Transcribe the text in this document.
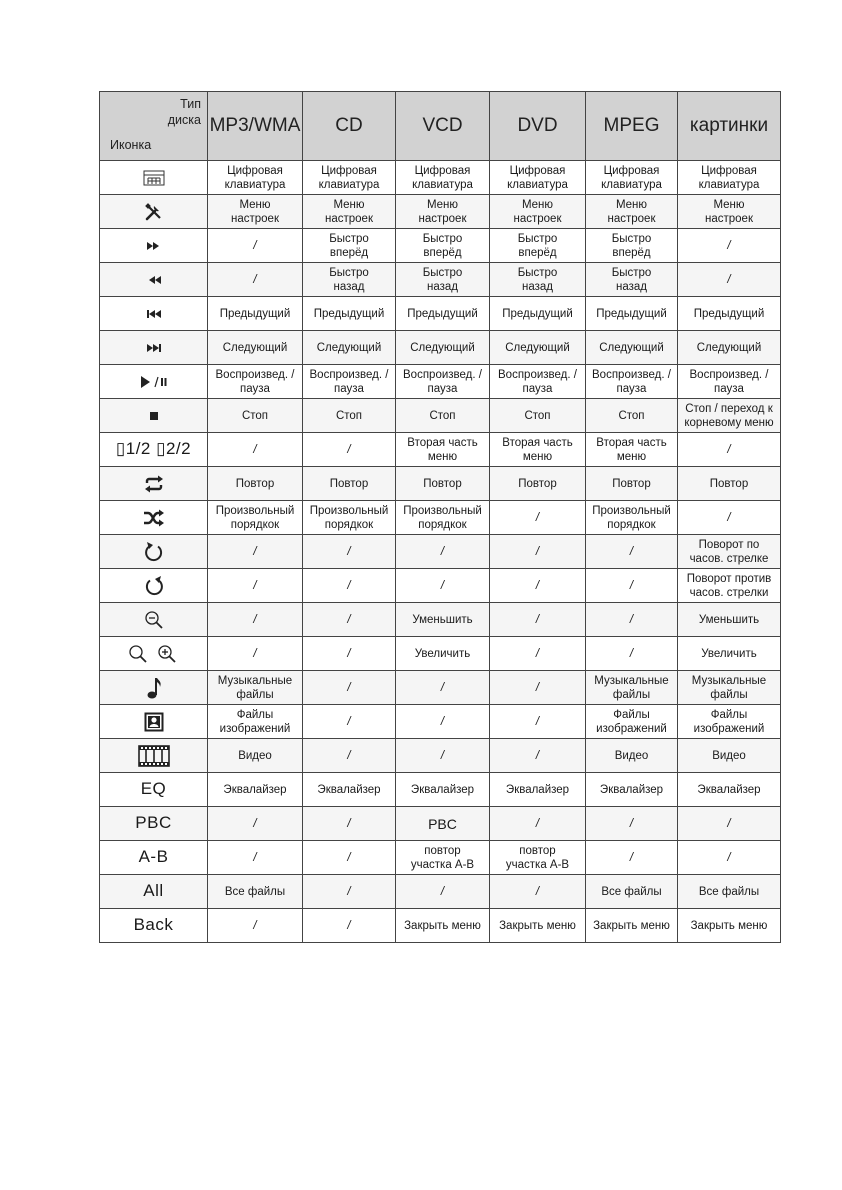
Тип
диска
Иконка	MP3/WMA	CD	VCD	DVD	MPEG	картинки

	Цифровая
клавиатура	Цифровая
клавиатура	Цифровая
клавиатура	Цифровая
клавиатура	Цифровая
клавиатура	Цифровая
клавиатура

	Меню
настроек	Меню
настроек	Меню
настроек	Меню
настроек	Меню
настроек	Меню
настроек

	/	Быстро
вперёд	Быстро
вперёд	Быстро
вперёд	Быстро
вперёд	/

	/	Быстро
назад	Быстро
назад	Быстро
назад	Быстро
назад	/

	Предыдущий	Предыдущий	Предыдущий	Предыдущий	Предыдущий	Предыдущий

	Следующий	Следующий	Следующий	Следующий	Следующий	Следующий

	Воспроизвед. /
пауза	Воспроизвед. /
пауза	Воспроизвед. /
пауза	Воспроизвед. /
пауза	Воспроизвед. /
пауза	Воспроизвед. /
пауза

	Стоп	Стоп	Стоп	Стоп	Стоп	Стоп / переход к
корневому меню
▯1/2 ▯2/2	/	/	Вторая часть
меню	Вторая часть
меню	Вторая часть
меню	/

	Повтор	Повтор	Повтор	Повтор	Повтор	Повтор

	Произвольный
порядкок	Произвольный
порядкок	Произвольный
порядкок	/	Произвольный
порядкок	/

	/	/	/	/	/	Поворот по
часов. стрелке

	/	/	/	/	/	Поворот против
часов. стрелки

	/	/	Уменьшить	/	/	Уменьшить

	/	/	Увеличить	/	/	Увеличить

	Музыкальные
файлы	/	/	/	Музыкальные
файлы	Музыкальные
файлы

	Файлы
изображений	/	/	/	Файлы
изображений	Файлы
изображений

	Видео	/	/	/	Видео	Видео
EQ	Эквалайзер	Эквалайзер	Эквалайзер	Эквалайзер	Эквалайзер	Эквалайзер
PBC	/	/	PBC	/	/	/
A-B	/	/	повтор
участка A-B	повтор
участка A-B	/	/
All	Все файлы	/	/	/	Все файлы	Все файлы
Back	/	/	Закрыть меню	Закрыть меню	Закрыть меню	Закрыть меню
